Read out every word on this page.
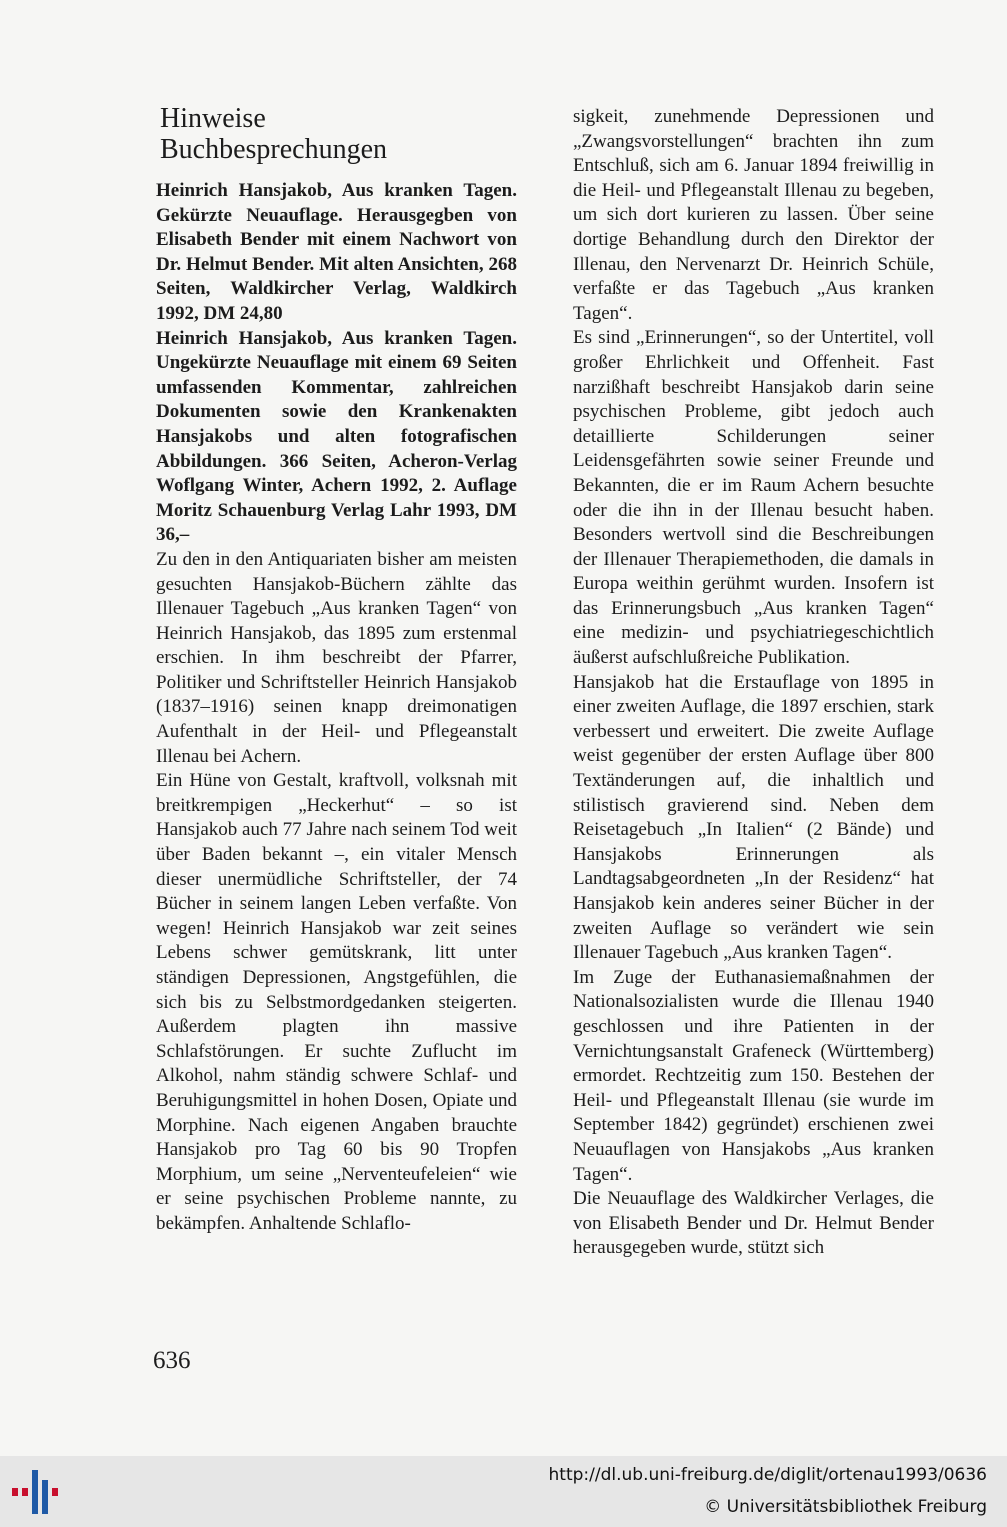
Hinweise
Buchbesprechungen

Heinrich Hansjakob, Aus kranken Tagen. Gekürzte Neuauflage. Herausgegben von Elisabeth Bender mit einem Nachwort von Dr. Helmut Bender. Mit alten Ansichten, 268 Seiten, Waldkircher Verlag, Waldkirch 1992, DM 24,80

Heinrich Hansjakob, Aus kranken Tagen. Ungekürzte Neuauflage mit einem 69 Seiten umfassenden Kommentar, zahlreichen Dokumenten sowie den Krankenakten Hansjakobs und alten fotografischen Abbildungen. 366 Seiten, Acheron-Verlag Woflgang Winter, Achern 1992, 2. Auflage Moritz Schauenburg Verlag Lahr 1993, DM 36,–

Zu den in den Antiquariaten bisher am meisten gesuchten Hansjakob-Büchern zählte das Illenauer Tagebuch „Aus kranken Tagen“ von Heinrich Hansjakob, das 1895 zum erstenmal erschien. In ihm beschreibt der Pfarrer, Politiker und Schriftsteller Heinrich Hansjakob (1837–1916) seinen knapp dreimonatigen Aufenthalt in der Heil- und Pflegeanstalt Illenau bei Achern.

Ein Hüne von Gestalt, kraftvoll, volksnah mit breitkrempigen „Heckerhut“ – so ist Hansjakob auch 77 Jahre nach seinem Tod weit über Baden bekannt –, ein vitaler Mensch dieser unermüdliche Schriftsteller, der 74 Bücher in seinem langen Leben verfaßte. Von wegen! Heinrich Hansjakob war zeit seines Lebens schwer gemütskrank, litt unter ständigen Depressionen, Angstgefühlen, die sich bis zu Selbstmordgedanken steigerten. Außerdem plagten ihn massive Schlafstörungen. Er suchte Zuflucht im Alkohol, nahm ständig schwere Schlaf- und Beruhigungsmittel in hohen Dosen, Opiate und Morphine. Nach eigenen Angaben brauchte Hansjakob pro Tag 60 bis 90 Tropfen Morphium, um seine „Nerventeufeleien“ wie er seine psychischen Probleme nannte, zu bekämpfen. Anhaltende Schlaflo-

sigkeit, zunehmende Depressionen und „Zwangsvorstellungen“ brachten ihn zum Entschluß, sich am 6. Januar 1894 freiwillig in die Heil- und Pflegeanstalt Illenau zu begeben, um sich dort kurieren zu lassen. Über seine dortige Behandlung durch den Direktor der Illenau, den Nervenarzt Dr. Heinrich Schüle, verfaßte er das Tagebuch „Aus kranken Tagen“.

Es sind „Erinnerungen“, so der Untertitel, voll großer Ehrlichkeit und Offenheit. Fast narzißhaft beschreibt Hansjakob darin seine psychischen Probleme, gibt jedoch auch detaillierte Schilderungen seiner Leidensgefährten sowie seiner Freunde und Bekannten, die er im Raum Achern besuchte oder die ihn in der Illenau besucht haben. Besonders wertvoll sind die Beschreibungen der Illenauer Therapiemethoden, die damals in Europa weithin gerühmt wurden. Insofern ist das Erinnerungsbuch „Aus kranken Tagen“ eine medizin- und psychiatriegeschichtlich äußerst aufschlußreiche Publikation.

Hansjakob hat die Erstauflage von 1895 in einer zweiten Auflage, die 1897 erschien, stark verbessert und erweitert. Die zweite Auflage weist gegenüber der ersten Auflage über 800 Textänderungen auf, die inhaltlich und stilistisch gravierend sind. Neben dem Reisetagebuch „In Italien“ (2 Bände) und Hansjakobs Erinnerungen als Landtagsabgeordneten „In der Residenz“ hat Hansjakob kein anderes seiner Bücher in der zweiten Auflage so verändert wie sein Illenauer Tagebuch „Aus kranken Tagen“.

Im Zuge der Euthanasiemaßnahmen der Nationalsozialisten wurde die Illenau 1940 geschlossen und ihre Patienten in der Vernichtungsanstalt Grafeneck (Württemberg) ermordet. Rechtzeitig zum 150. Bestehen der Heil- und Pflegeanstalt Illenau (sie wurde im September 1842) gegründet) erschienen zwei Neuauflagen von Hansjakobs „Aus kranken Tagen“.

Die Neuauflage des Waldkircher Verlages, die von Elisabeth Bender und Dr. Helmut Bender herausgegeben wurde, stützt sich

636
http://dl.ub.uni-freiburg.de/diglit/ortenau1993/0636
© Universitätsbibliothek Freiburg
